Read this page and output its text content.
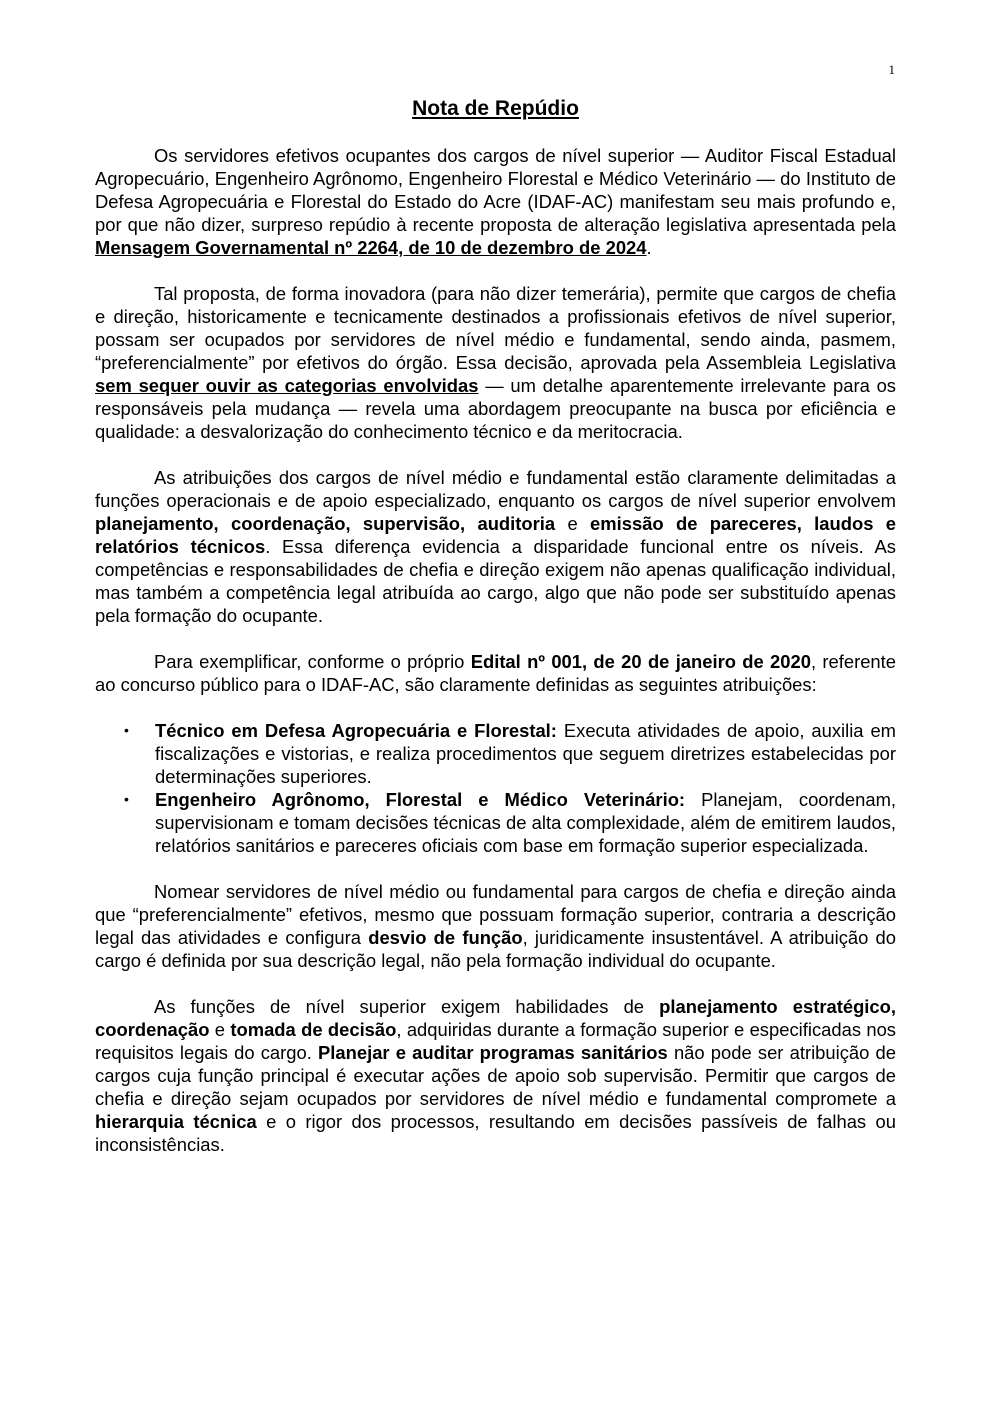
1
Nota de Repúdio

Os servidores efetivos ocupantes dos cargos de nível superior — Auditor Fiscal Estadual Agropecuário, Engenheiro Agrônomo, Engenheiro Florestal e Médico Veterinário — do Instituto de Defesa Agropecuária e Florestal do Estado do Acre (IDAF-AC) manifestam seu mais profundo e, por que não dizer, surpreso repúdio à recente proposta de alteração legislativa apresentada pela Mensagem Governamental nº 2264, de 10 de dezembro de 2024.

Tal proposta, de forma inovadora (para não dizer temerária), permite que cargos de chefia e direção, historicamente e tecnicamente destinados a profissionais efetivos de nível superior, possam ser ocupados por servidores de nível médio e fundamental, sendo ainda, pasmem, “preferencialmente” por efetivos do órgão. Essa decisão, aprovada pela Assembleia Legislativa sem sequer ouvir as categorias envolvidas — um detalhe aparentemente irrelevante para os responsáveis pela mudança — revela uma abordagem preocupante na busca por eficiência e qualidade: a desvalorização do conhecimento técnico e da meritocracia.

As atribuições dos cargos de nível médio e fundamental estão claramente delimitadas a funções operacionais e de apoio especializado, enquanto os cargos de nível superior envolvem planejamento, coordenação, supervisão, auditoria e emissão de pareceres, laudos e relatórios técnicos. Essa diferença evidencia a disparidade funcional entre os níveis. As competências e responsabilidades de chefia e direção exigem não apenas qualificação individual, mas também a competência legal atribuída ao cargo, algo que não pode ser substituído apenas pela formação do ocupante.

Para exemplificar, conforme o próprio Edital nº 001, de 20 de janeiro de 2020, referente ao concurso público para o IDAF-AC, são claramente definidas as seguintes atribuições:

• Técnico em Defesa Agropecuária e Florestal: Executa atividades de apoio, auxilia em fiscalizações e vistorias, e realiza procedimentos que seguem diretrizes estabelecidas por determinações superiores.
• Engenheiro Agrônomo, Florestal e Médico Veterinário: Planejam, coordenam, supervisionam e tomam decisões técnicas de alta complexidade, além de emitirem laudos, relatórios sanitários e pareceres oficiais com base em formação superior especializada.

Nomear servidores de nível médio ou fundamental para cargos de chefia e direção ainda que “preferencialmente” efetivos, mesmo que possuam formação superior, contraria a descrição legal das atividades e configura desvio de função, juridicamente insustentável. A atribuição do cargo é definida por sua descrição legal, não pela formação individual do ocupante.

As funções de nível superior exigem habilidades de planejamento estratégico, coordenação e tomada de decisão, adquiridas durante a formação superior e especificadas nos requisitos legais do cargo. Planejar e auditar programas sanitários não pode ser atribuição de cargos cuja função principal é executar ações de apoio sob supervisão. Permitir que cargos de chefia e direção sejam ocupados por servidores de nível médio e fundamental compromete a hierarquia técnica e o rigor dos processos, resultando em decisões passíveis de falhas ou inconsistências.
